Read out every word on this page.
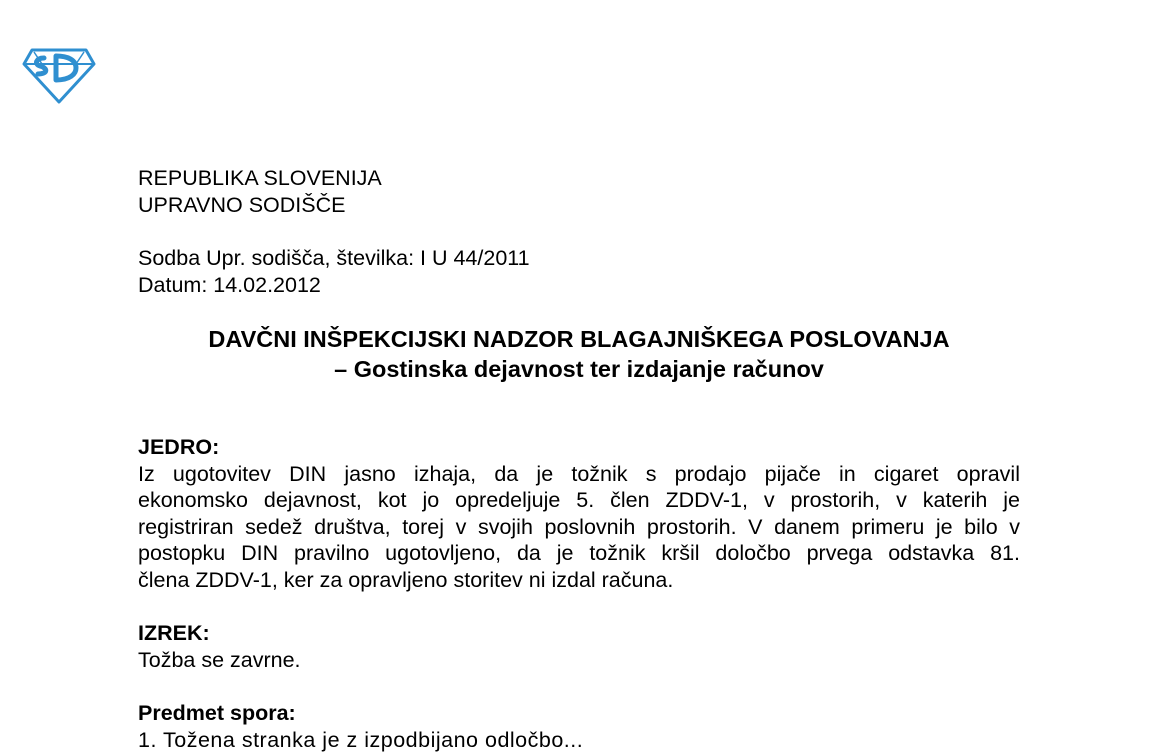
REPUBLIKA SLOVENIJA
UPRAVNO SODIŠČE
Sodba Upr. sodišča, številka: I U 44/2011
Datum: 14.02.2012
DAVČNI INŠPEKCIJSKI NADZOR BLAGAJNIŠKEGA POSLOVANJA
– Gostinska dejavnost ter izdajanje računov
JEDRO:
Iz ugotovitev DIN jasno izhaja, da je tožnik s prodajo pijače in cigaret opravil
ekonomsko dejavnost, kot jo opredeljuje 5. člen ZDDV-1, v prostorih, v katerih je
registriran sedež društva, torej v svojih poslovnih prostorih. V danem primeru je bilo v
postopku DIN pravilno ugotovljeno, da je tožnik kršil določbo prvega odstavka 81.
člena ZDDV-1, ker za opravljeno storitev ni izdal računa.
IZREK:
Tožba se zavrne.
Predmet spora:
1. Tožena stranka je z izpodbijano odločbo...
